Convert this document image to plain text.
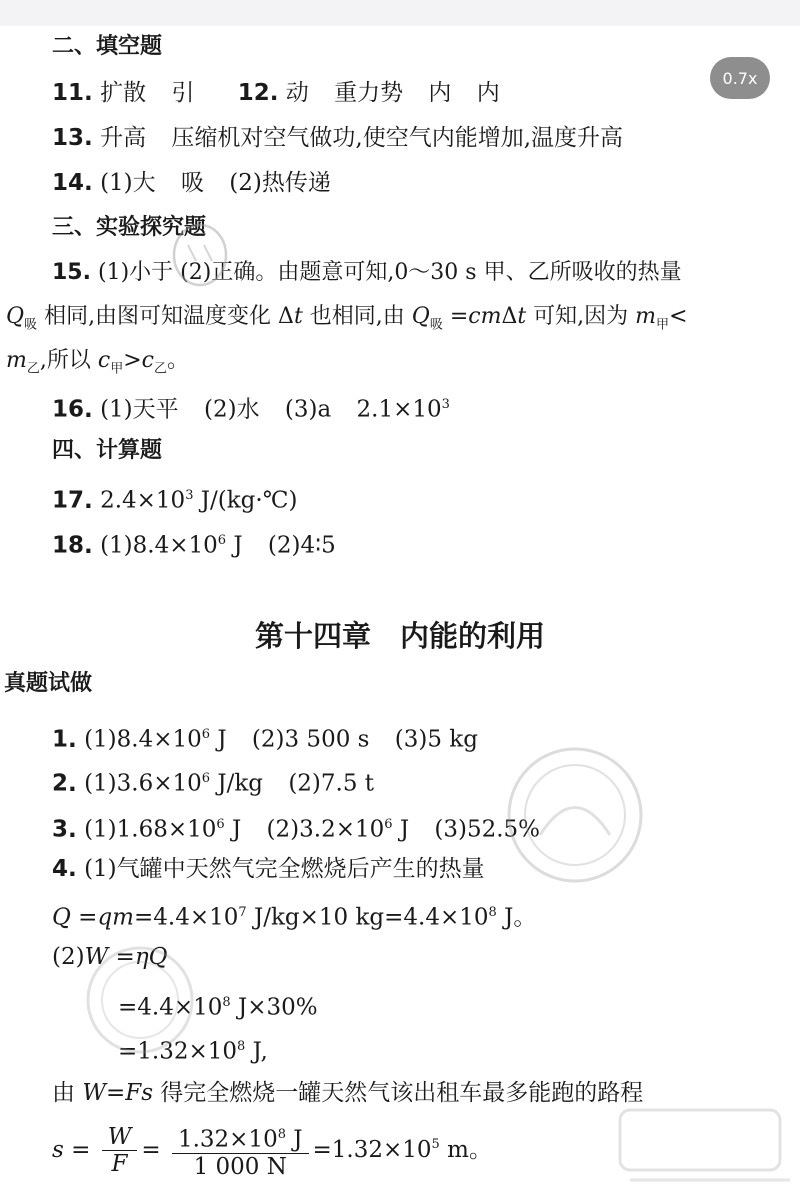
0.7x
二、填空题
11 . 扩散 引 12 . 动 重力势 内 内
13 . 升高 压缩机对空气做功,使空气内能增加,温度升高
14 . (1)大 吸 (2)热传递
三、实验探究题
15 . (1)小于 (2)正确。由题意可知,0～30 s 甲、乙所吸收的热量
$Q_吸$ 相同,由图可知温度变化 Δt 也相同,由 $Q_吸 =cm\Delta t$ 可知,因为 $m_甲<$
$m_乙$,所以 $c_甲>c_乙$。
16 . (1)天平 (2)水 (3)a $2.1\times 10^3$
四、计算题
17 . $2.4\times 10^3$ J/(kg·℃)
18 . $(1)8.4\times 10^6$ J (2)4∶5
第十四章　内能的利用
真题试做
1 . $(1)8.4\times 10^6$ J (2)3 500 s (3)5 kg
2 . $(1)3.6\times 10^6$ J/kg (2)7.5 t
3 . $(1)1.68\times 10^6$ J $(2)3.2\times 10^6$ J (3)52.5%
4 . (1)气罐中天然气完全燃烧后产生的热量
$Q =qm=4.4\times 10^7$ J/kg×10 $kg=4.4\times 10^8$ J。
(2)W =ηQ
$=4.4\times 10^8$ J×30%
$=1.32\times 10^8$ J,
由 W=Fs 得完全燃烧一罐天然气该出租车最多能跑的路程
$s = \frac{W}{F} = \frac{1.32\times 10^8 J}{1 000 N} =1.32\times 10^5$ m。
